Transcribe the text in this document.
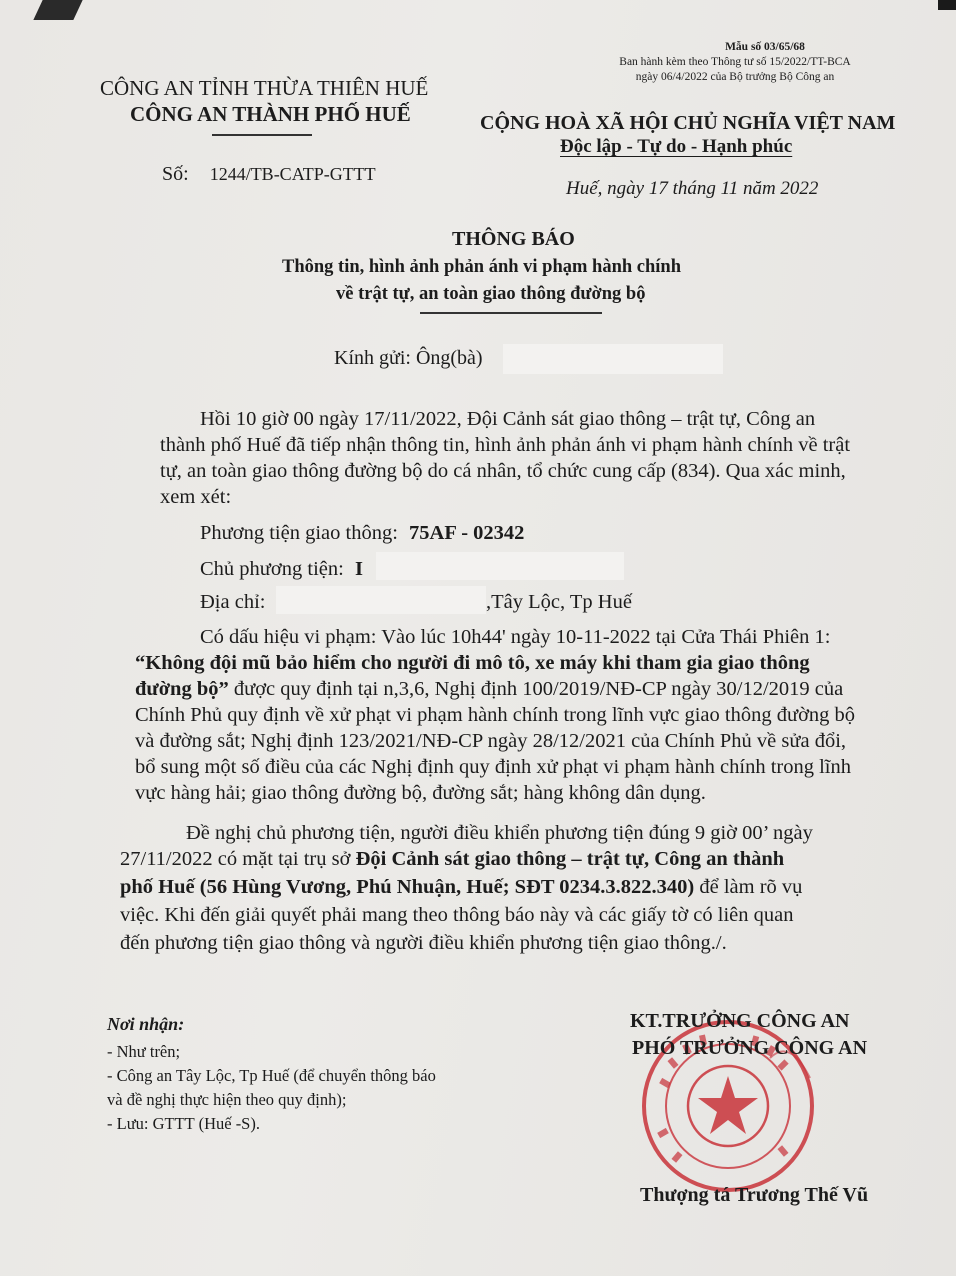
Mẫu số 03/65/68
Ban hành kèm theo Thông tư số 15/2022/TT-BCA
ngày 06/4/2022 của Bộ trưởng Bộ Công an
CÔNG AN TỈNH THỪA THIÊN HUẾ
CÔNG AN THÀNH PHỐ HUẾ	CỘNG HOÀ XÃ HỘI CHỦ NGHĨA VIỆT NAM
Độc lập - Tự do - Hạnh phúc
Số: 1244/TB-CATP-GTTT
Huế, ngày 17 tháng 11 năm 2022
THÔNG BÁO
Thông tin, hình ảnh phản ánh vi phạm hành chính
về trật tự, an toàn giao thông đường bộ
Kính gửi: Ông(bà)
Hồi 10 giờ 00 ngày 17/11/2022, Đội Cảnh sát giao thông – trật tự, Công an
thành phố Huế đã tiếp nhận thông tin, hình ảnh phản ánh vi phạm hành chính về trật
tự, an toàn giao thông đường bộ do cá nhân, tổ chức cung cấp (834). Qua xác minh,
xem xét:
Phương tiện giao thông: 75AF - 02342
Chủ phương tiện: I
Địa chỉ:	,Tây Lộc, Tp Huế
Có dấu hiệu vi phạm: Vào lúc 10h44' ngày 10-11-2022 tại Cửa Thái Phiên 1:
“Không đội mũ bảo hiểm cho người đi mô tô, xe máy khi tham gia giao thông
đường bộ” được quy định tại n,3,6, Nghị định 100/2019/NĐ-CP ngày 30/12/2019 của
Chính Phủ quy định về xử phạt vi phạm hành chính trong lĩnh vực giao thông đường bộ
và đường sắt; Nghị định 123/2021/NĐ-CP ngày 28/12/2021 của Chính Phủ về sửa đổi,
bổ sung một số điều của các Nghị định quy định xử phạt vi phạm hành chính trong lĩnh
vực hàng hải; giao thông đường bộ, đường sắt; hàng không dân dụng.
Đề nghị chủ phương tiện, người điều khiển phương tiện đúng 9 giờ 00’ ngày
27/11/2022 có mặt tại trụ sở Đội Cảnh sát giao thông – trật tự, Công an thành
phố Huế (56 Hùng Vương, Phú Nhuận, Huế; SĐT 0234.3.822.340) để làm rõ vụ
việc. Khi đến giải quyết phải mang theo thông báo này và các giấy tờ có liên quan
đến phương tiện giao thông và người điều khiển phương tiện giao thông./.
Nơi nhận:
- Như trên;
- Công an Tây Lộc, Tp Huế (để chuyển thông báo
và đề nghị thực hiện theo quy định);
- Lưu: GTTT (Huế -S).
KT.TRƯỞNG CÔNG AN
PHÓ TRƯỞNG CÔNG AN
Thượng tá Trương Thế Vũ
